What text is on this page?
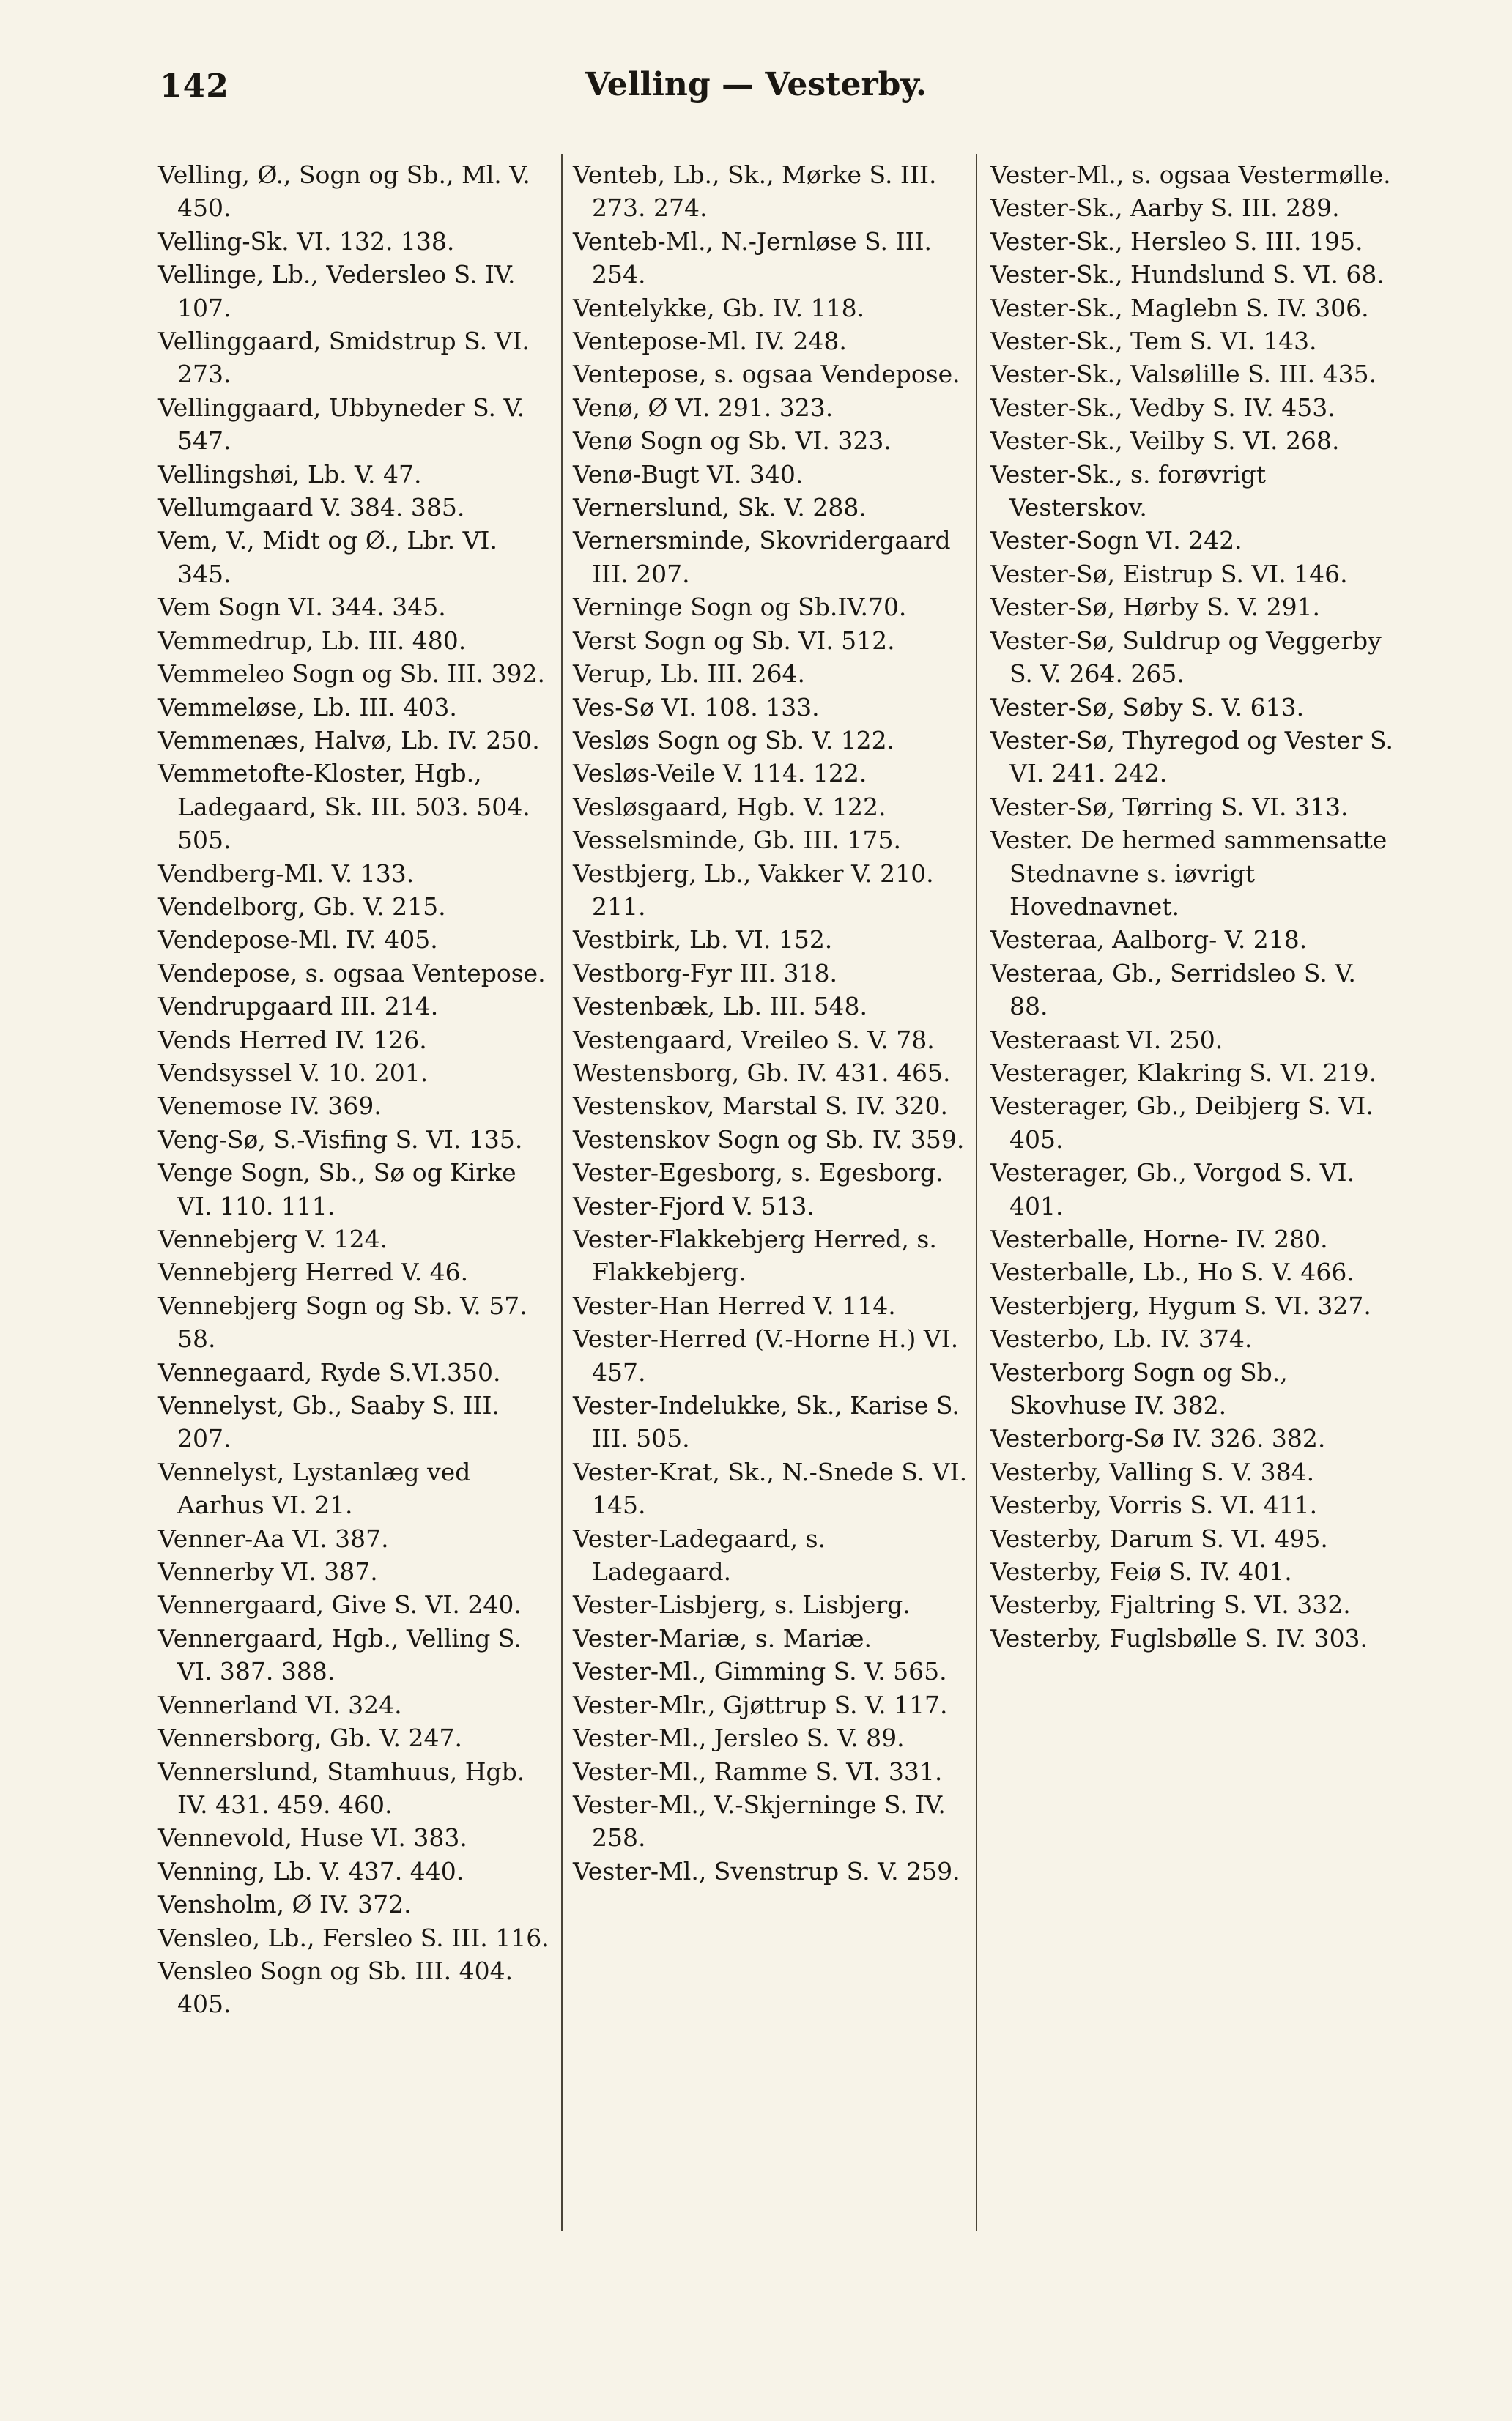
142	Velling — Vesterby.

Velling, Ø., Sogn og Sb., Ml. V. 450.

Velling-Sk. VI. 132. 138.

Vellinge, Lb., Vedersleo S. IV. 107.

Vellinggaard, Smidstrup S. VI. 273.

Vellinggaard, Ubbyneder S. V. 547.

Vellingshøi, Lb. V. 47.

Vellumgaard V. 384. 385.

Vem, V., Midt og Ø., Lbr. VI. 345.

Vem Sogn VI. 344. 345.

Vemmedrup, Lb. III. 480.

Vemmeleo Sogn og Sb. III. 392.

Vemmeløse, Lb. III. 403.

Vemmenæs, Halvø, Lb. IV. 250.

Vemmetofte-Kloster, Hgb., Ladegaard, Sk. III. 503. 504. 505.

Vendberg-Ml. V. 133.

Vendelborg, Gb. V. 215.

Vendepose-Ml. IV. 405.

Vendepose, s. ogsaa Ventepose.

Vendrupgaard III. 214.

Vends Herred IV. 126.

Vendsyssel V. 10. 201.

Venemose IV. 369.

Veng-Sø, S.-Visfing S. VI. 135.

Venge Sogn, Sb., Sø og Kirke VI. 110. 111.

Vennebjerg V. 124.

Vennebjerg Herred V. 46.

Vennebjerg Sogn og Sb. V. 57. 58.

Vennegaard, Ryde S.VI.350.

Vennelyst, Gb., Saaby S. III. 207.

Vennelyst, Lystanlæg ved Aarhus VI. 21.

Venner-Aa VI. 387.

Vennerby VI. 387.

Vennergaard, Give S. VI. 240.

Vennergaard, Hgb., Velling S. VI. 387. 388.

Vennerland VI. 324.

Vennersborg, Gb. V. 247.

Vennerslund, Stamhuus, Hgb. IV. 431. 459. 460.

Vennevold, Huse VI. 383.

Venning, Lb. V. 437. 440.

Vensholm, Ø IV. 372.

Vensleo, Lb., Fersleo S. III. 116.

Vensleo Sogn og Sb. III. 404. 405.

Venteb, Lb., Sk., Mørke S. III. 273. 274.

Venteb-Ml., N.-Jernløse S. III. 254.

Ventelykke, Gb. IV. 118.

Ventepose-Ml. IV. 248.

Ventepose, s. ogsaa Vendepose.

Venø, Ø VI. 291. 323.

Venø Sogn og Sb. VI. 323.

Venø-Bugt VI. 340.

Vernerslund, Sk. V. 288.

Vernersminde, Skovridergaard III. 207.

Verninge Sogn og Sb.IV.70.

Verst Sogn og Sb. VI. 512.

Verup, Lb. III. 264.

Ves-Sø VI. 108. 133.

Vesløs Sogn og Sb. V. 122.

Vesløs-Veile V. 114. 122.

Vesløsgaard, Hgb. V. 122.

Vesselsminde, Gb. III. 175.

Vestbjerg, Lb., Vakker V. 210. 211.

Vestbirk, Lb. VI. 152.

Vestborg-Fyr III. 318.

Vestenbæk, Lb. III. 548.

Vestengaard, Vreileo S. V. 78.

Westensborg, Gb. IV. 431. 465.

Vestenskov, Marstal S. IV. 320.

Vestenskov Sogn og Sb. IV. 359.

Vester-Egesborg, s. Egesborg.

Vester-Fjord V. 513.

Vester-Flakkebjerg Herred, s. Flakkebjerg.

Vester-Han Herred V. 114.

Vester-Herred (V.-Horne H.) VI. 457.

Vester-Indelukke, Sk., Karise S. III. 505.

Vester-Krat, Sk., N.-Snede S. VI. 145.

Vester-Ladegaard, s. Ladegaard.

Vester-Lisbjerg, s. Lisbjerg.

Vester-Mariæ, s. Mariæ.

Vester-Ml., Gimming S. V. 565.

Vester-Mlr., Gjøttrup S. V. 117.

Vester-Ml., Jersleo S. V. 89.

Vester-Ml., Ramme S. VI. 331.

Vester-Ml., V.-Skjerninge S. IV. 258.

Vester-Ml., Svenstrup S. V. 259.

Vester-Ml., s. ogsaa Vestermølle.

Vester-Sk., Aarby S. III. 289.

Vester-Sk., Hersleo S. III. 195.

Vester-Sk., Hundslund S. VI. 68.

Vester-Sk., Maglebn S. IV. 306.

Vester-Sk., Tem S. VI. 143.

Vester-Sk., Valsølille S. III. 435.

Vester-Sk., Vedby S. IV. 453.

Vester-Sk., Veilby S. VI. 268.

Vester-Sk., s. forøvrigt Vesterskov.

Vester-Sogn VI. 242.

Vester-Sø, Eistrup S. VI. 146.

Vester-Sø, Hørby S. V. 291.

Vester-Sø, Suldrup og Veggerby S. V. 264. 265.

Vester-Sø, Søby S. V. 613.

Vester-Sø, Thyregod og Vester S. VI. 241. 242.

Vester-Sø, Tørring S. VI. 313.

Vester. De hermed sammensatte Stednavne s. iøvrigt Hovednavnet.

Vesteraa, Aalborg- V. 218.

Vesteraa, Gb., Serridsleo S. V. 88.

Vesteraast VI. 250.

Vesterager, Klakring S. VI. 219.

Vesterager, Gb., Deibjerg S. VI. 405.

Vesterager, Gb., Vorgod S. VI. 401.

Vesterballe, Horne- IV. 280.

Vesterballe, Lb., Ho S. V. 466.

Vesterbjerg, Hygum S. VI. 327.

Vesterbo, Lb. IV. 374.

Vesterborg Sogn og Sb., Skovhuse IV. 382.

Vesterborg-Sø IV. 326. 382.

Vesterby, Valling S. V. 384.

Vesterby, Vorris S. VI. 411.

Vesterby, Darum S. VI. 495.

Vesterby, Feiø S. IV. 401.

Vesterby, Fjaltring S. VI. 332.

Vesterby, Fuglsbølle S. IV. 303.
